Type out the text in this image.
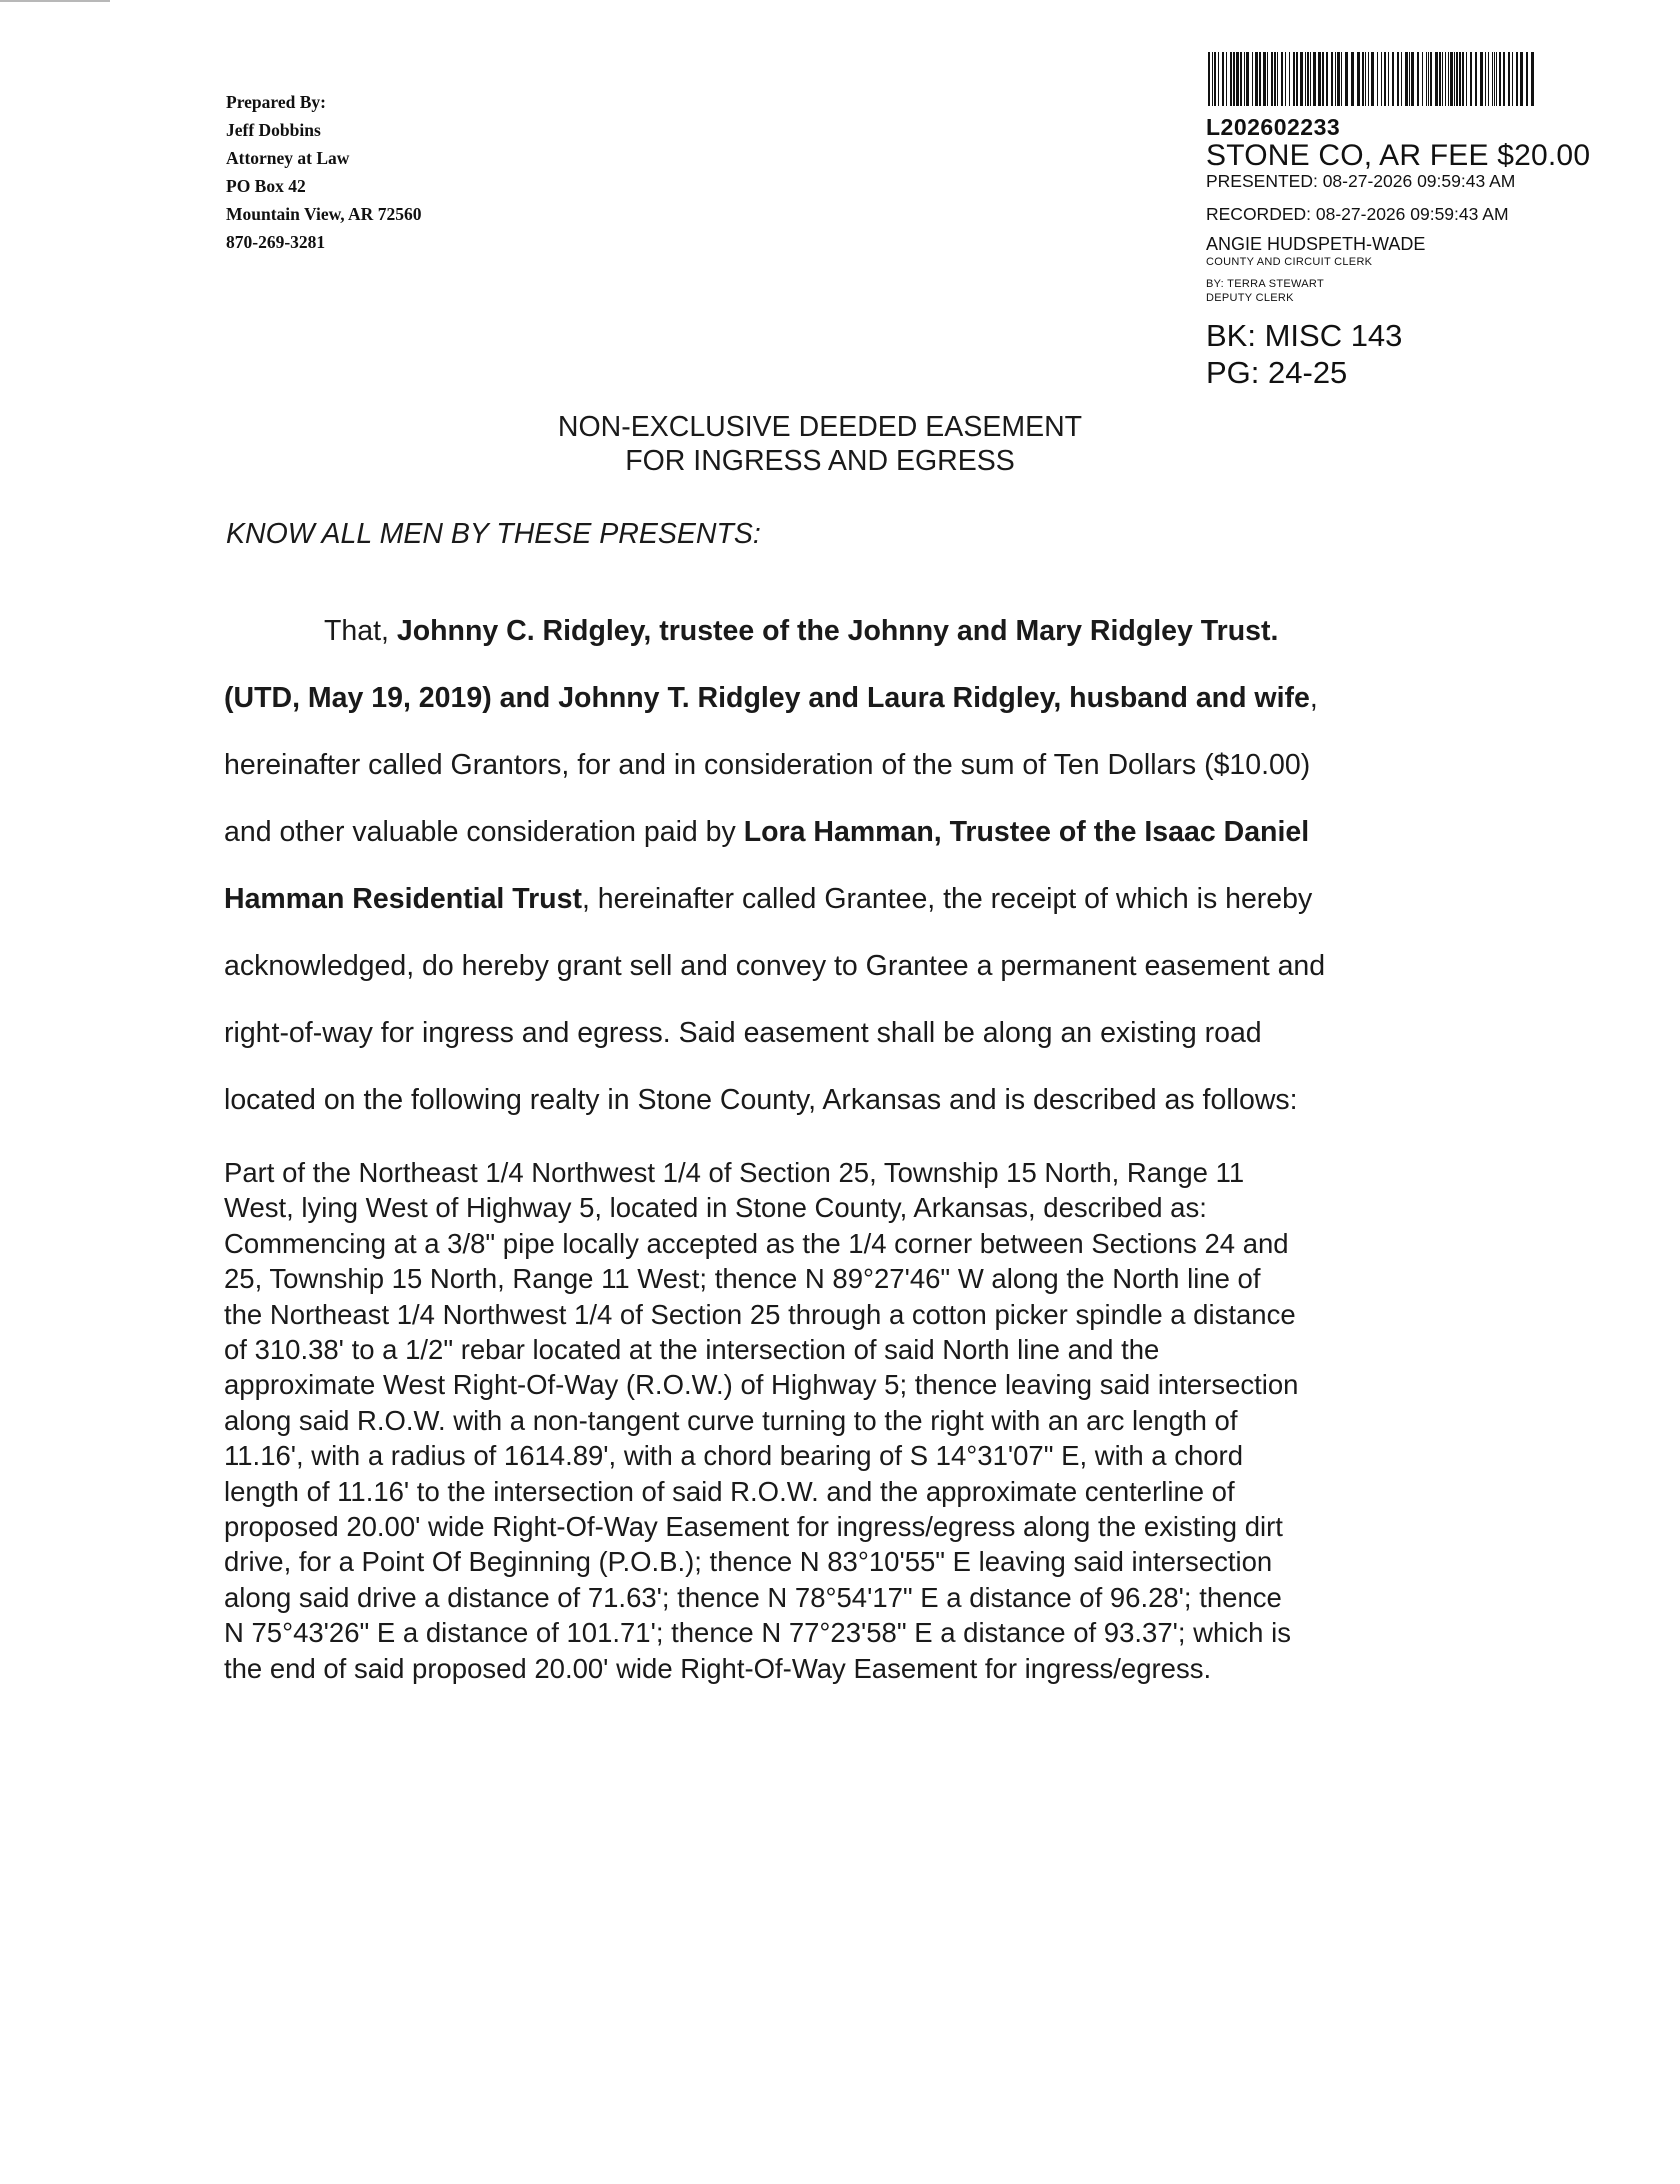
Prepared By:
Jeff Dobbins
Attorney at Law
PO Box 42
Mountain View, AR 72560
870-269-3281
L202602233
STONE CO, AR FEE $20.00
PRESENTED: 08-27-2026 09:59:43 AM
RECORDED: 08-27-2026 09:59:43 AM
ANGIE HUDSPETH-WADE
COUNTY AND CIRCUIT CLERK
BY: TERRA STEWART
DEPUTY CLERK
BK: MISC 143
PG: 24-25
NON-EXCLUSIVE DEEDED EASEMENT
FOR INGRESS AND EGRESS
KNOW ALL MEN BY THESE PRESENTS:
That, Johnny C. Ridgley, trustee of the Johnny and Mary Ridgley Trust.
(UTD, May 19, 2019) and Johnny T. Ridgley and Laura Ridgley, husband and wife,
hereinafter called Grantors, for and in consideration of the sum of Ten Dollars ($10.00)
and other valuable consideration paid by Lora Hamman, Trustee of the Isaac Daniel
Hamman Residential Trust, hereinafter called Grantee, the receipt of which is hereby
acknowledged, do hereby grant sell and convey to Grantee a permanent easement and
right-of-way for ingress and egress. Said easement shall be along an existing road
located on the following realty in Stone County, Arkansas and is described as follows:
Part of the Northeast 1/4 Northwest 1/4 of Section 25, Township 15 North, Range 11
West, lying West of Highway 5, located in Stone County, Arkansas, described as:
Commencing at a 3/8" pipe locally accepted as the 1/4 corner between Sections 24 and
25, Township 15 North, Range 11 West; thence N 89°27'46" W along the North line of
the Northeast 1/4 Northwest 1/4 of Section 25 through a cotton picker spindle a distance
of 310.38' to a 1/2" rebar located at the intersection of said North line and the
approximate West Right-Of-Way (R.O.W.) of Highway 5; thence leaving said intersection
along said R.O.W. with a non-tangent curve turning to the right with an arc length of
11.16', with a radius of 1614.89', with a chord bearing of S 14°31'07" E, with a chord
length of 11.16' to the intersection of said R.O.W. and the approximate centerline of
proposed 20.00' wide Right-Of-Way Easement for ingress/egress along the existing dirt
drive, for a Point Of Beginning (P.O.B.); thence N 83°10'55" E leaving said intersection
along said drive a distance of 71.63'; thence N 78°54'17" E a distance of 96.28'; thence
N 75°43'26" E a distance of 101.71'; thence N 77°23'58" E a distance of 93.37'; which is
the end of said proposed 20.00' wide Right-Of-Way Easement for ingress/egress.
